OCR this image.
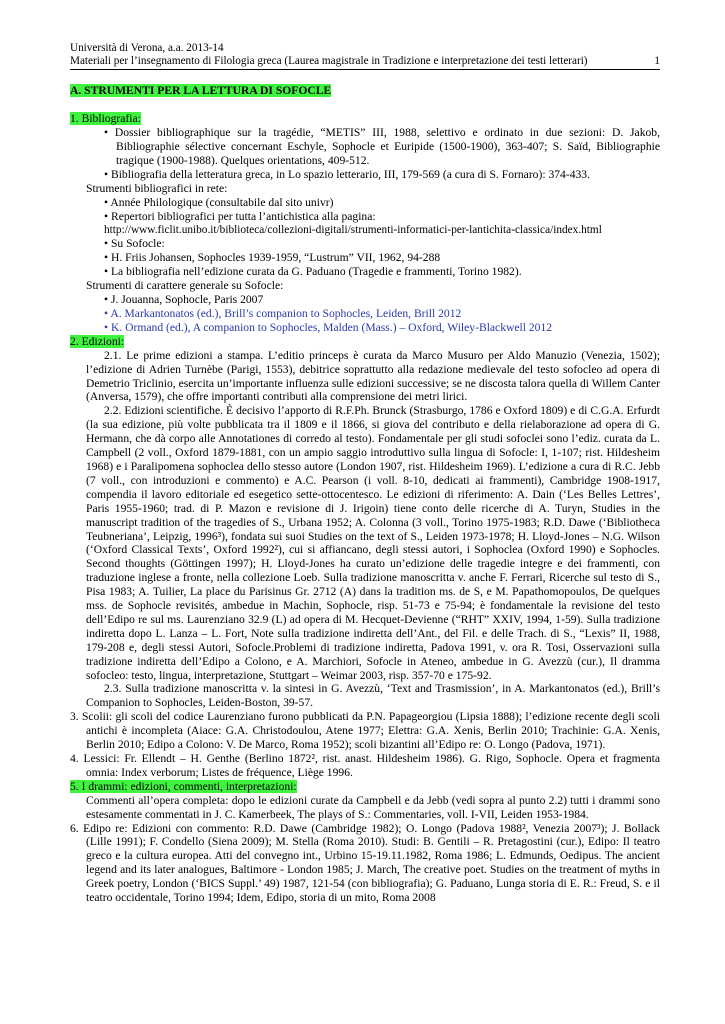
Università di Verona, a.a. 2013-14
Materiali per l’insegnamento di Filologia greca (Laurea magistrale in Tradizione e interpretazione dei testi letterari)	1

A. STRUMENTI PER LA LETTURA DI SOFOCLE

1. Bibliografia:

• Dossier bibliographique sur la tragédie, “METIS” III, 1988, selettivo e ordinato in due sezioni: D. Jakob, Bibliographie sélective concernant Eschyle, Sophocle et Euripide (1500-1900), 363-407; S. Saïd, Bibliographie tragique (1900-1988). Quelques orientations, 409-512.

• Bibliografia della letteratura greca, in Lo spazio letterario, III, 179-569 (a cura di S. Fornaro): 374-433.

Strumenti bibliografici in rete:

• Année Philologique (consultabile dal sito univr)

• Repertori bibliografici per tutta l’antichistica alla pagina:

http://www.ficlit.unibo.it/biblioteca/collezioni-digitali/strumenti-informatici-per-lantichita-classica/index.html

• Su Sofocle:

• H. Friis Johansen, Sophocles 1939-1959, “Lustrum” VII, 1962, 94-288

• La bibliografia nell’edizione curata da G. Paduano (Tragedie e frammenti, Torino 1982).

Strumenti di carattere generale su Sofocle:

• J. Jouanna, Sophocle, Paris 2007

• A. Markantonatos (ed.), Brill’s companion to Sophocles, Leiden, Brill 2012

• K. Ormand (ed.), A companion to Sophocles, Malden (Mass.) – Oxford, Wiley-Blackwell 2012

2. Edizioni:

2.1. Le prime edizioni a stampa. L’editio princeps è curata da Marco Musuro per Aldo Manuzio (Venezia, 1502); l’edizione di Adrien Turnèbe (Parigi, 1553), debitrice soprattutto alla redazione medievale del testo sofocleo ad opera di Demetrio Triclinio, esercita un’importante influenza sulle edizioni successive; se ne discosta talora quella di Willem Canter (Anversa, 1579), che offre importanti contributi alla comprensione dei metri lirici.

2.2. Edizioni scientifiche. È decisivo l’apporto di R.F.Ph. Brunck (Strasburgo, 1786 e Oxford 1809) e di C.G.A. Erfurdt (la sua edizione, più volte pubblicata tra il 1809 e il 1866, si giova del contributo e della rielaborazione ad opera di G. Hermann, che dà corpo alle Annotationes di corredo al testo). Fondamentale per gli studi sofoclei sono l’ediz. curata da L. Campbell (2 voll., Oxford 1879-1881, con un ampio saggio introduttivo sulla lingua di Sofocle: I, 1-107; rist. Hildesheim 1968) e i Paralipomena sophoclea dello stesso autore (London 1907, rist. Hildesheim 1969). L’edizione a cura di R.C. Jebb (7 voll., con introduzioni e commento) e A.C. Pearson (i voll. 8-10, dedicati ai frammenti), Cambridge 1908-1917, compendia il lavoro editoriale ed esegetico sette-ottocentesco. Le edizioni di riferimento: A. Dain (‘Les Belles Lettres’, Paris 1955-1960; trad. di P. Mazon e revisione di J. Irigoin) tiene conto delle ricerche di A. Turyn, Studies in the manuscript tradition of the tragedies of S., Urbana 1952; A. Colonna (3 voll., Torino 1975-1983; R.D. Dawe (‘Bibliotheca Teubneriana’, Leipzig, 1996³), fondata sui suoi Studies on the text of S., Leiden 1973-1978; H. Lloyd-Jones – N.G. Wilson (‘Oxford Classical Texts’, Oxford 1992²), cui si affiancano, degli stessi autori, i Sophoclea (Oxford 1990) e Sophocles. Second thoughts (Göttingen 1997); H. Lloyd-Jones ha curato un’edizione delle tragedie integre e dei frammenti, con traduzione inglese a fronte, nella collezione Loeb. Sulla tradizione manoscritta v. anche F. Ferrari, Ricerche sul testo di S., Pisa 1983; A. Tuilier, La place du Parisinus Gr. 2712 (A) dans la tradition ms. de S, e M. Papathomopoulos, De quelques mss. de Sophocle revisités, ambedue in Machin, Sophocle, risp. 51-73 e 75-94; è fondamentale la revisione del testo dell’Edipo re sul ms. Laurenziano 32.9 (L) ad opera di M. Hecquet-Devienne (“RHT” XXIV, 1994, 1-59). Sulla tradizione indiretta dopo L. Lanza – L. Fort, Note sulla tradizione indiretta dell’Ant., del Fil. e delle Trach. di S., “Lexis” II, 1988, 179-208 e, degli stessi Autori, Sofocle.Problemi di tradizione indiretta, Padova 1991, v. ora R. Tosi, Osservazioni sulla tradizione indiretta dell’Edipo a Colono, e A. Marchiori, Sofocle in Ateneo, ambedue in G. Avezzù (cur.), Il dramma sofocleo: testo, lingua, interpretazione, Stuttgart – Weimar 2003, risp. 357-70 e 175-92.

2.3. Sulla tradizione manoscritta v. la sintesi in G. Avezzù, ‘Text and Trasmission’, in A. Markantonatos (ed.), Brill’s Companion to Sophocles, Leiden-Boston, 39-57.

3. Scolii: gli scoli del codice Laurenziano furono pubblicati da P.N. Papageorgiou (Lipsia 1888); l’edizione recente degli scoli antichi è incompleta (Aiace: G.A. Christodoulou, Atene 1977; Elettra: G.A. Xenis, Berlin 2010; Trachinie: G.A. Xenis, Berlin 2010; Edipo a Colono: V. De Marco, Roma 1952); scoli bizantini all’Edipo re: O. Longo (Padova, 1971).

4. Lessici: Fr. Ellendt – H. Genthe (Berlino 1872², rist. anast. Hildesheim 1986). G. Rigo, Sophocle. Opera et fragmenta omnia: Index verborum; Listes de fréquence, Liège 1996.

5. I drammi: edizioni, commenti, interpretazioni:

Commenti all’opera completa: dopo le edizioni curate da Campbell e da Jebb (vedi sopra al punto 2.2) tutti i drammi sono estesamente commentati in J. C. Kamerbeek, The plays of S.: Commentaries, voll. I-VII, Leiden 1953-1984.

6. Edipo re: Edizioni con commento: R.D. Dawe (Cambridge 1982); O. Longo (Padova 1988², Venezia 2007³); J. Bollack (Lille 1991); F. Condello (Siena 2009); M. Stella (Roma 2010). Studi: B. Gentili – R. Pretagostini (cur.), Edipo: Il teatro greco e la cultura europea. Atti del convegno int., Urbino 15-19.11.1982, Roma 1986; L. Edmunds, Oedipus. The ancient legend and its later analogues, Baltimore - London 1985; J. March, The creative poet. Studies on the treatment of myths in Greek poetry, London (‘BICS Suppl.’ 49) 1987, 121-54 (con bibliografia); G. Paduano, Lunga storia di E. R.: Freud, S. e il teatro occidentale, Torino 1994; Idem, Edipo, storia di un mito, Roma 2008
